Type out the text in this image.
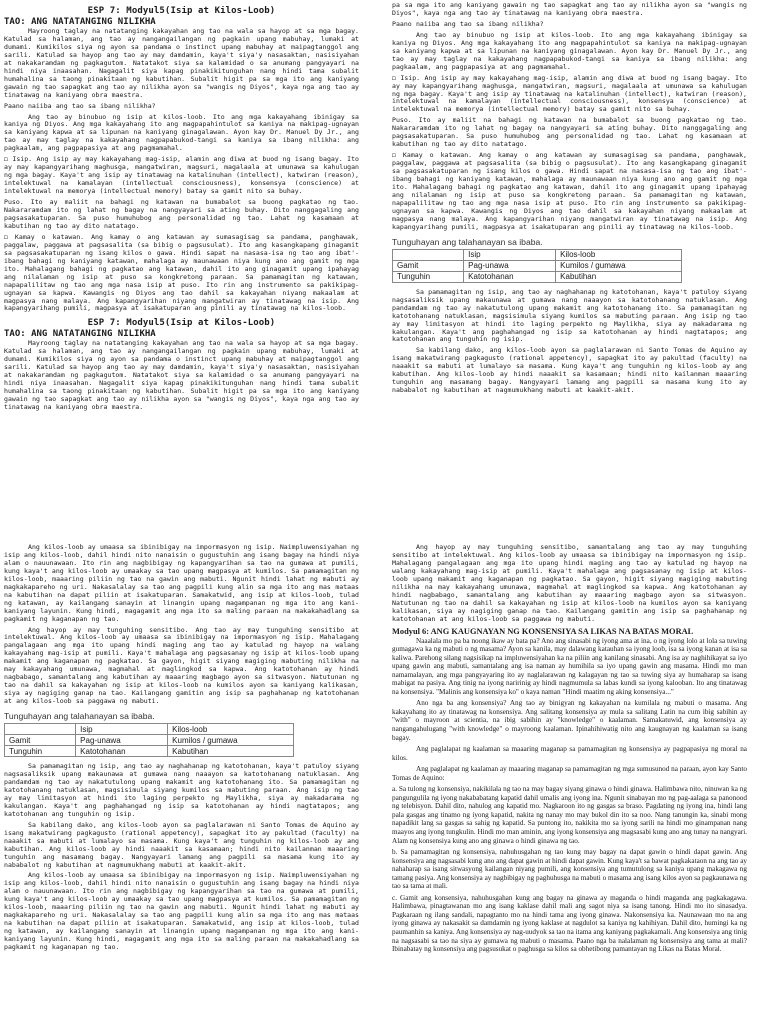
ESP 7: Modyul5(Isip at Kilos-Loob)
TAO: ANG NATATANGING NILIKHA
Mayroong taglay na natatanging kakayahan ang tao na wala sa hayop at sa mga bagay. Katulad sa halaman, ang tao ay nangangailangan ng pagkain upang mabuhay, lumaki at dumami. Kumikilos siya ng ayon sa pandama o instinct upang mabuhay at maipagtanggol ang sarili. Katulad sa hayop ang tao ay may damdamin, kaya't siya'y nasasaktan, nasisiyahan at nakakaramdam ng pagkagutom. Natatakot siya sa kalamidad o sa anumang pangyayari na hindi niya inaasahan. Nagagalit siya kapag pinakikitunguhan nang hindi tama subalit humahalina sa taong pinakitaan ng kabutihan. Subalit higit pa sa mga ito ang kaniyang gawain ng tao sapagkat ang tao ay nilikha ayon sa "wangis ng Diyos", kaya nga ang tao ay tinatawag na kaniyang obra maestra.
Paano naiiba ang tao sa ibang nilikha?
Ang tao ay binubuo ng isip at kilos-loob. Ito ang mga kakayahang ibinigay sa kaniya ng Diyos. Ang mga kakayahang ito ang magpapahintulot sa kaniya na makipag-ugnayan sa kaniyang kapwa at sa lipunan na kaniyang ginagalawan. Ayon kay Dr. Manuel Dy Jr., ang tao ay may taglay na kakayahang nagpapabukod-tangi sa kaniya sa ibang nilikha: ang pagkaalam, ang pagpapasiya at ang pagmamahal.
◻ Isip. Ang isip ay may kakayahang mag-isip, alamin ang diwa at buod ng isang bagay. Ito ay may kapangyarihang maghusga, mangatwiran, magsuri, magalaala at umunawa sa kahulugan ng mga bagay. Kaya't ang isip ay tinatawag na katalinuhan (intellect), katwiran (reason), intelektuwal na kamalayan (intellectual consciousness), konsensya (conscience) at intelektuwal na memorya (intellectual memory) batay sa gamit nito sa buhay.
Puso. Ito ay maliit na bahagi ng katawan na bumabalot sa buong pagkatao ng tao. Nakararamdam ito ng lahat ng bagay na nangyayari sa ating buhay. Dito nanggagaling ang pagsasakatuparan. Sa puso humuhubog ang personalidad ng tao. Lahat ng kasamaan at kabutihan ng tao ay dito natatago.
◻ Kamay o katawan. Ang kamay o ang katawan ay sumasagisag sa pandama, panghawak, paggalaw, paggawa at pagsasalita (sa bibig o pagsusulat). Ito ang kasangkapang ginagamit sa pagsasakatuparan ng isang kilos o gawa. Hindi sapat na nasasa-isa ng tao ang ibat'-ibang bahagi ng kaniyang katawan, mahalaga ay maunawaan niya kung ano ang gamit ng mga ito. Mahalagang bahagi ng pagkatao ang katawan, dahil ito ang ginagamit upang ipahayag ang nilalaman ng isip at puso sa kongkretong paraan. Sa pamamagitan ng katawan, napapalilitaw ng tao ang mga nasa isip at puso. Ito rin ang instrumento sa pakikipag-ugnayan sa kapwa. Kawangis ng Diyos ang tao dahil sa kakayahan niyang makaalam at magpasya nang malaya. Ang kapangyarihan niyang mangatwiran ay tinatawag na isip. Ang kapangyarihang pumili, magpasya at isakatuparan ang pinili ay tinatawag na kilos-loob.
ESP 7: Modyul5(Isip at Kilos-Loob)
TAO: ANG NATATANGING NILIKHA
Mayroong taglay na natatanging kakayahan ang tao na wala sa hayop at sa mga bagay. Katulad sa halaman, ang tao ay nangangailangan ng pagkain upang mabuhay, lumaki at dumami. Kumikilos siya ng ayon sa pandama o instinct upang mabuhay at maipagtanggol ang sarili. Katulad sa hayop ang tao ay may damdamin, kaya't siya'y nasasaktan, nasisiyahan at nakakaramdam ng pagkagutom. Natatakot siya sa kalamidad o sa anumang pangyayari na hindi niya inaasahan. Nagagalit siya kapag pinakikitunguhan nang hindi tama subalit humahalina sa taong pinakitaan ng kabutihan. Subalit higit pa sa mga ito ang kaniyang gawain ng tao sapagkat ang tao ay nilikha ayon sa "wangis ng Diyos", kaya nga ang tao ay tinatawag na kaniyang obra maestra.
pa sa mga ito ang kaniyang gawain ng tao sapagkat ang tao ay nilikha ayon sa "wangis ng Diyos", kaya nga ang tao ay tinatawag na kaniyang obra maestra.
Paano naiiba ang tao sa ibang nilikha?
Ang tao ay binubuo ng isip at kilos-loob. Ito ang mga kakayahang ibinigay sa kaniya ng Diyos. Ang mga kakayahang ito ang magpapahintulot sa kaniya na makipag-ugnayan sa kaniyang kapwa at sa lipunan na kaniyang ginagalawan. Ayon kay Dr. Manuel Dy Jr., ang tao ay may taglay na kakayahang nagpapabukod-tangi sa kaniya sa ibang nilikha: ang pagkaalam, ang pagpapasiya at ang pagmamahal.
◻ Isip. Ang isip ay may kakayahang mag-isip, alamin ang diwa at buod ng isang bagay. Ito ay may kapangyarihang maghusga, mangatwiran, magsuri, magalaala at umunawa sa kahulugan ng mga bagay. Kaya't ang isip ay tinatawag na katalinuhan (intellect), katwiran (reason), intelektuwal na kamalayan (intellectual consciousness), konsensya (conscience) at intelektuwal na memorya (intellectual memory) batay sa gamit nito sa buhay.
Puso. Ito ay maliit na bahagi ng katawan na bumabalot sa buong pagkatao ng tao. Nakararamdam ito ng lahat ng bagay na nangyayari sa ating buhay. Dito nanggagaling ang pagsasakatuparan. Sa puso humuhubog ang personalidad ng tao. Lahat ng kasamaan at kabutihan ng tao ay dito natatago.
◻ Kamay o katawan. Ang kamay o ang katawan ay sumasagisag sa pandama, panghawak, paggalaw, paggawa at pagsasalita (sa bibig o pagsusulat). Ito ang kasangkapang ginagamit sa pagsasakatuparan ng isang kilos o gawa. Hindi sapat na nasasa-isa ng tao ang ibat'-ibang bahagi ng kaniyang katawan, mahalaga ay maunawaan niya kung ano ang gamit ng mga ito. Mahalagang bahagi ng pagkatao ang katawan, dahil ito ang ginagamit upang ipahayag ang nilalaman ng isip at puso sa kongkretong paraan. Sa pamamagitan ng katawan, napapalilitaw ng tao ang mga nasa isip at puso. Ito rin ang instrumento sa pakikipag-ugnayan sa kapwa. Kawangis ng Diyos ang tao dahil sa kakayahan niyang makaalam at magpasya nang malaya. Ang kapangyarihan niyang mangatwiran ay tinatawag na isip. Ang kapangyarihang pumili, magpasya at isakatuparan ang pinili ay tinatawag na kilos-loob.
Tunguhayan ang talahanayan sa ibaba.
	Isip	Kilos-loob
Gamit	Pag-unawa	Kumilos / gumawa
Tunguhin	Katotohanan	Kabutihan
Sa pamamagitan ng isip, ang tao ay naghahanap ng katotohanan, kaya't patuloy siyang nagsasaliksik upang makaunawa at gumawa nang naaayon sa katotohanang natuklasan. Ang pandamdam ng tao ay nakatutulong upang makamit ang katotohanang ito. Sa pamamagitan ng katotohanang natuklasan, magsisimula siyang kumilos sa mabuting paraan. Ang isip ng tao ay may limitasyon at hindi ito laging perpekto ng Maylikha, siya ay makadarama ng kakulangan. Kaya't ang paghahangad ng isip sa katotohanan ay hindi nagtatapos; ang katotohanan ang tunguhin ng isip.
Sa kabilang dako, ang kilos-loob ayon sa paglalarawan ni Santo Tomas de Aquino ay isang makatwirang pagkagusto (rational appetency), sapagkat ito ay pakultad (faculty) na naaakit sa mabuti at lumalayo sa masama. Kung kaya't ang tunguhin ng kilos-loob ay ang kabutihan. Ang kilos-loob ay hindi naaakit sa kasamaan; hindi nito kailanman maaaring tunguhin ang masamang bagay. Nangyayari lamang ang pagpili sa masama kung ito ay nababalot ng kabutihan at nagmumukhang mabuti at kaakit-akit.
Ang kilos-loob ay umaasa sa ibinibigay na impormasyon ng isip. Naimpluwensiyahan ng isip ang kilos-loob, dahil hindi nito nanaisin o gugustuhin ang isang bagay na hindi niya alam o nauunawaan. Ito rin ang nagbibigay ng kapangyarihan sa tao na gumawa at pumili, kung kaya't ang kilos-loob ay umaakay sa tao upang magpasya at kumilos. Sa pamamagitan ng kilos-loob, maaaring piliin ng tao na gawin ang mabuti. Ngunit hindi lahat ng mabuti ay magkakapareho ng uri. Nakasalalay sa tao ang pagpili kung alin sa mga ito ang mas mataas na kabutihan na dapat piliin at isakatuparan. Samakatwid, ang isip at kilos-loob, tulad ng katawan, ay kailangang sanayin at linangin upang magampanan ng mga ito ang kani-kaniyang layunin. Kung hindi, magagamit ang mga ito sa maling paraan na makakahadlang sa pagkamit ng kaganapan ng tao.
Ang hayop ay may tunguhing sensitibo. Ang tao ay may tunguhing sensitibo at intelektuwal. Ang kilos-loob ay umaasa sa ibinibigay na impormasyon ng isip. Mahalagang pangalagaan ang mga ito upang hindi maging ang tao ay katulad ng hayop na walang kakayahang mag-isip at pumili. Kaya't mahalaga ang pagsasanay ng isip at kilos-loob upang makamit ang kaganapan ng pagkatao. Sa gayon, higit siyang magiging mabuting nilikha na may kakayahang umunawa, magmahal at maglingkod sa kapwa. Ang katotohanan ay hindi nagbabago, samantalang ang kabutihan ay maaaring magbago ayon sa sitwasyon. Natutunan ng tao na dahil sa kakayahan ng isip at kilos-loob na kumilos ayon sa kaniyang kalikasan, siya ay nagiging ganap na tao. Kailangang gamitin ang isip sa paghahanap ng katotohanan at ang kilos-loob sa paggawa ng mabuti.
Tunguhayan ang talahanayan sa ibaba.
	Isip	Kilos-loob
Gamit	Pag-unawa	Kumilos / gumawa
Tunguhin	Katotohanan	Kabutihan
Sa pamamagitan ng isip, ang tao ay naghahanap ng katotohanan, kaya't patuloy siyang nagsasaliksik upang makaunawa at gumawa nang naaayon sa katotohanang natuklasan. Ang pandamdam ng tao ay nakatutulong upang makamit ang katotohanang ito. Sa pamamagitan ng katotohanang natuklasan, magsisimula siyang kumilos sa mabuting paraan. Ang isip ng tao ay may limitasyon at hindi ito laging perpekto ng Maylikha, siya ay makadarama ng kakulangan. Kaya't ang paghahangad ng isip sa katotohanan ay hindi nagtatapos; ang katotohanan ang tunguhin ng isip.
Sa kabilang dako, ang kilos-loob ayon sa paglalarawan ni Santo Tomas de Aquino ay isang makatwirang pagkagusto (rational appetency), sapagkat ito ay pakultad (faculty) na naaakit sa mabuti at lumalayo sa masama. Kung kaya't ang tunguhin ng kilos-loob ay ang kabutihan. Ang kilos-loob ay hindi naaakit sa kasamaan; hindi nito kailanman maaaring tunguhin ang masamang bagay. Nangyayari lamang ang pagpili sa masama kung ito ay nababalot ng kabutihan at nagmumukhang mabuti at kaakit-akit.
Ang kilos-loob ay umaasa sa ibinibigay na impormasyon ng isip. Naimpluwensiyahan ng isip ang kilos-loob, dahil hindi nito nanaisin o gugustuhin ang isang bagay na hindi niya alam o nauunawaan. Ito rin ang nagbibigay ng kapangyarihan sa tao na gumawa at pumili, kung kaya't ang kilos-loob ay umaakay sa tao upang magpasya at kumilos. Sa pamamagitan ng kilos-loob, maaaring piliin ng tao na gawin ang mabuti. Ngunit hindi lahat ng mabuti ay magkakapareho ng uri. Nakasalalay sa tao ang pagpili kung alin sa mga ito ang mas mataas na kabutihan na dapat piliin at isakatuparan. Samakatwid, ang isip at kilos-loob, tulad ng katawan, ay kailangang sanayin at linangin upang magampanan ng mga ito ang kani-kaniyang layunin. Kung hindi, magagamit ang mga ito sa maling paraan na makakahadlang sa pagkamit ng kaganapan ng tao.
Ang hayop ay may tunguhing sensitibo, samantalang ang tao ay may tunguhing sensitibo at intelektuwal. Ang kilos-loob ay umaasa sa ibinibigay na impormasyon ng isip. Mahalagang pangalagaan ang mga ito upang hindi maging ang tao ay katulad ng hayop na walang kakayahang mag-isip at pumili. Kaya't mahalaga ang pagsasanay ng isip at kilos-loob upang makamit ang kaganapan ng pagkatao. Sa gayon, higit siyang magiging mabuting nilikha na may kakayahang umunawa, magmahal at maglingkod sa kapwa. Ang katotohanan ay hindi nagbabago, samantalang ang kabutihan ay maaaring magbago ayon sa sitwasyon. Natutunan ng tao na dahil sa kakayahan ng isip at kilos-loob na kumilos ayon sa kaniyang kalikasan, siya ay nagiging ganap na tao. Kailangang gamitin ang isip sa paghahanap ng katotohanan at ang kilos-loob sa paggawa ng mabuti.
Modyul 6: ANG KAUGNAYAN NG KONSENSIYA SA LIKAS NA BATAS MORAL
Naaalala mo pa ba noong ikaw ay bata pa? Ano ang sinasabi ng iyong ama at ina, o ng iyong lolo at lola sa tuwing gumagawa ka ng mabuti o ng masama? Ayon sa kanila, may dalawang katauhan sa iyong loob, isa sa iyong kanan at isa sa kaliwa. Parehong silang nagsisikap na impluwensiyahan ka na piliin ang kanilang sinasabi. Ang isa ay naghihikayat sa iyo upang gawin ang mabuti, samantalang ang isa naman ay humihila sa iyo upang gawin ang masama. Hindi mo man namamalayan, ang mga pangyayaring ito ay naglalarawan ng kalagayan ng tao sa tuwing siya ay humaharap sa isang mabigat na pasiya. Ang tinig na iyong naririnig ay hindi nagmumula sa labas kundi sa iyong kalooban. Ito ang tinatawag na konsensiya. "Malinis ang konsensiya ko" o kaya naman "Hindi maatim ng aking konsensiya..."
Ano nga ba ang konsensiya? Ang tao ay binigyan ng kakayahan na kumilala ng mabuti o masama. Ang kakayahang ito ay tinatawag na konsensiya. Ang salitang konsensiya ay mula sa salitang Latin na cum ibig sabihin ay "with" o mayroon at scientia, na ibig sabihin ay "knowledge" o kaalaman. Samakatuwid, ang konsensiya ay nangangahulugang "with knowledge" o mayroong kaalaman. Ipinahihiwatig nito ang kaugnayan ng kaalaman sa isang bagay.
Ang paglalapat ng kaalaman sa maaaring maganap sa pamamagitan ng konsensiya ay pagpapasiya ng moral na kilos.
Ang paglalapat ng kaalaman ay maaaring maganap sa pamamagitan ng mga sumusunod na paraan, ayon kay Santo Tomas de Aquino:
a. Sa tulong ng konsensiya, nakikilala ng tao na may bagay siyang ginawa o hindi ginawa. Halimbawa nito, ninuwan ka ng pangungulila ng iyong nakababatang kapatid dahil umalis ang iyong ina. Ngunit sinabayan mo ng pag-aalaga sa panonood ng telebisyon. Dahil dito, nahulog ang kapatid mo. Nagkaroon ito ng gasgas sa braso. Pagdating ng iyong ina, hindi lang pala gasgas ang tinamo ng iyong kapatid, nakita ng nanay mo may bukol din ito sa noo. Nang tanungin ka, sinabi mong napadikit lang sa gasgas sa sahig ng kapatid. Sa puntong ito, nakikita mo sa iyong sarili na hindi mo ginampanan nang maayos ang iyong tungkulin. Hindi mo man aminin, ang iyong konsensiya ang magsasabi kung ano ang tunay na nangyari. Alam ng konsensiya kung ano ang ginawa o hindi ginawa ng tao.
b. Sa pamamagitan ng konsensiya, nahuhusgahan ng tao kung may bagay na dapat gawin o hindi dapat gawin. Ang konsensiya ang nagsasabi kung ano ang dapat gawin at hindi dapat gawin. Kung kaya't sa bawat pagkakataon na ang tao ay nahaharap sa isang sitwasyong kailangan niyang pumili, ang konsensiya ang tumutulong sa kaniya upang makagawa ng tamang pasiya. Ang konsensiya ay nagbibigay ng paghuhusga na mabuti o masama ang isang kilos ayon sa pagkaunawa ng tao sa tama at mali.
c. Gamit ang konsensiya, nahuhusgahan kung ang bagay na ginawa ay maganda o hindi maganda ang pagkakagawa. Halimbawa, pinagtawanan mo ang isang kaklase dahil mali ang sagot niya sa isang tanong. Hindi mo ito sinasadya. Pagkaraan ng ilang sandali, napagtanto mo na hindi tama ang iyong ginawa. Nakonsensiya ka. Naunawaan mo na ang iyong ginawa ay nakasakit sa damdamin ng iyong kaklase at nagdulot sa kaniya ng kahihiyan. Dahil dito, humingi ka ng paumanhin sa kaniya. Ang konsensiya ay nag-uudyok sa tao na itama ang kaniyang pagkakamali. Ang konsensiya ang tinig na nagsasabi sa tao na siya ay gumawa ng mabuti o masama. Paano nga ba nalalaman ng konsensiya ang tama at mali? Ibinabatay ng konsensiya ang pagsusukat o paghusga sa kilos sa obhetibong pamantayan ng Likas na Batas Moral.
